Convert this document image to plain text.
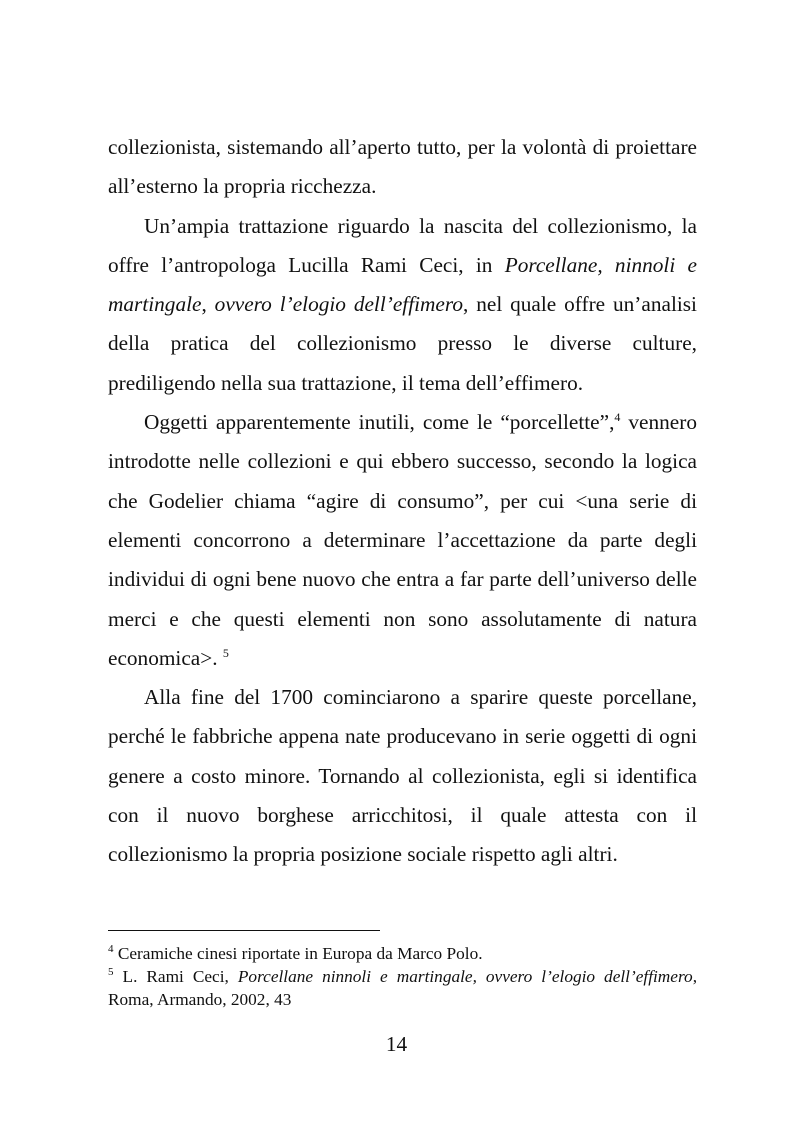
collezionista, sistemando all’aperto tutto, per la volontà di proiettare all’esterno la propria ricchezza.

Un’ampia trattazione riguardo la nascita del collezionismo, la offre l’antropologa Lucilla Rami Ceci, in Porcellane, ninnoli e martingale, ovvero l’elogio dell’effimero, nel quale offre un’analisi della pratica del collezionismo presso le diverse culture, prediligendo nella sua trattazione, il tema dell’effimero.

Oggetti apparentemente inutili, come le “porcellette”,$^4$ vennero introdotte nelle collezioni e qui ebbero successo, secondo la logica che Godelier chiama “agire di consumo”, per cui <una serie di elementi concorrono a determinare l’accettazione da parte degli individui di ogni bene nuovo che entra a far parte dell’universo delle merci e che questi elementi non sono assolutamente di natura economica>. $^5$

Alla fine del 1700 cominciarono a sparire queste porcellane, perché le fabbriche appena nate producevano in serie oggetti di ogni genere a costo minore. Tornando al collezionista, egli si identifica con il nuovo borghese arricchitosi, il quale attesta con il collezionismo la propria posizione sociale rispetto agli altri.

$^4$ Ceramiche cinesi riportate in Europa da Marco Polo.

$^5$ L. Rami Ceci, Porcellane ninnoli e martingale, ovvero l’elogio dell’effimero, Roma, Armando, 2002, 43

14
